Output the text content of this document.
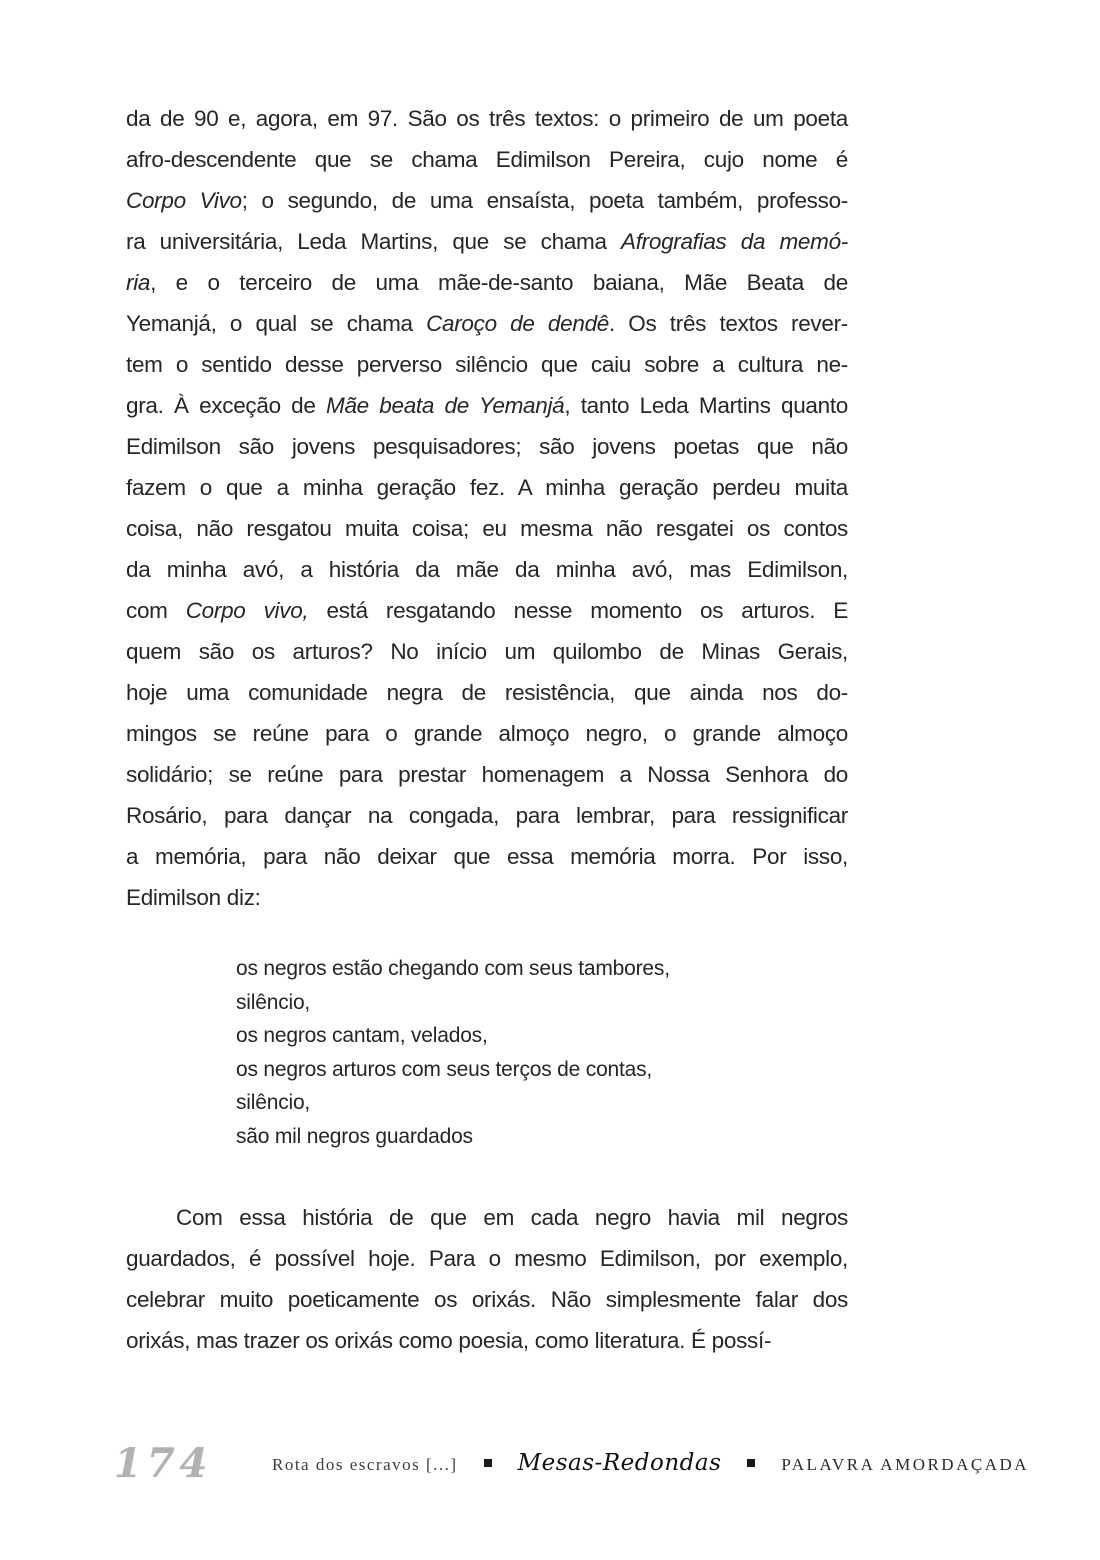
da de 90 e, agora, em 97. São os três textos: o primeiro de um poeta
afro-descendente que se chama Edimilson Pereira, cujo nome é
Corpo Vivo; o segundo, de uma ensaísta, poeta também, professo-
ra universitária, Leda Martins, que se chama Afrografias da memó-
ria, e o terceiro de uma mãe-de-santo baiana, Mãe Beata de
Yemanjá, o qual se chama Caroço de dendê. Os três textos rever-
tem o sentido desse perverso silêncio que caiu sobre a cultura ne-
gra. À exceção de Mãe beata de Yemanjá, tanto Leda Martins quanto
Edimilson são jovens pesquisadores; são jovens poetas que não
fazem o que a minha geração fez. A minha geração perdeu muita
coisa, não resgatou muita coisa; eu mesma não resgatei os contos
da minha avó, a história da mãe da minha avó, mas Edimilson,
com Corpo vivo, está resgatando nesse momento os arturos. E
quem são os arturos? No início um quilombo de Minas Gerais,
hoje uma comunidade negra de resistência, que ainda nos do-
mingos se reúne para o grande almoço negro, o grande almoço
solidário; se reúne para prestar homenagem a Nossa Senhora do
Rosário, para dançar na congada, para lembrar, para ressignificar
a memória, para não deixar que essa memória morra. Por isso,
Edimilson diz:
os negros estão chegando com seus tambores,
silêncio,
os negros cantam, velados,
os negros arturos com seus terços de contas,
silêncio,
são mil negros guardados
Com essa história de que em cada negro havia mil negros
guardados, é possível hoje. Para o mesmo Edimilson, por exemplo,
celebrar muito poeticamente os orixás. Não simplesmente falar dos
orixás, mas trazer os orixás como poesia, como literatura. É possí-
174	Rota dos escravos [...]	Mesas-Redondas	PALAVRA AMORDAÇADA
